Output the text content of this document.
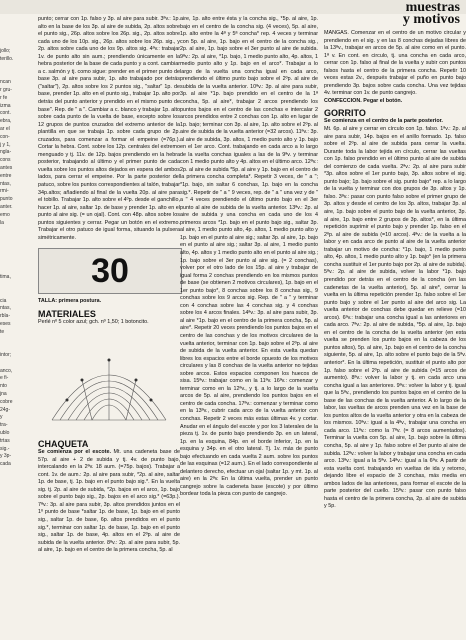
muestras
y motivos
jollo;
terillo.

ncan
r gru-
r fe
izma
cont.
ebra,
ar el
con-
j y 1,
ngla-
cons
antes
entre
ntas,
rmi-
punto
anter.
emo
la

tima,

cia
ntas,
rbla-
eses
te

intor;

anco,
e fi-
nto
jna
cobre
24g-
y
tra-
ublo
trtas
sig.-
y 3p-
cada

punto; cerrar con 1p. falso y 3p. al aire para subir. 3ªv.: 1p. alto en la base de los 3p. al aire de subida, 2p. altos sobre el punto sig., 26p. altos sobre los 26p. sig., 2p. altos sobre cada uno de los 10p. sig., 26p. altos sobre los 26p. sig., y 2p. altos sobre cada uno de los 9p. altos sig. 4ªv.: trabajar 1v. de punto alto sin aum.; prendiendo únicamente en la hebra posterior de la base de cada punto y a cont. cambiar a c. salmón y tj. como sigue: prender en el primer punto de base 3p. al aire para subir, 1p. alto trabajado por detrás ("saltar"), 2p. altos sobre los 2 puntos sig., "saltar" 1p. de base, prender 1p. alto en el punto sig., trabajar 1p. alto por detrás del punto anterior y prendido en el mismo punto de base". Rep. de " a ". Cambiar a c. blanco y trabajar 1p. alto sobre cada punto de la vuelta de base, excepto sobre los 12 grupos de puntos cruzados del extremo anterior de la plantilla en que se trabaja 1p. sobre cada grupo de 2p. cruzados, para comenzar a formar el empeine (=76p.). Cortar la hebra. Cont. sobre los 12p. centrales del extremo menguado y tj. 11v. de 12p. bajos prendiendo en la hebra posterior, trabajando al último y el primer punto de cada vuelta sobre los puntos altos dejados en espera del ambos lados, para cerrar el empeine. Por la parte posterior del patuco, sobre los puntos correspondientes al talón, trabajar 34p.altos; añadiendo al final de la vuelta 20p. al aire para el tobillo. Trabajar 1p. alto sobre el 4ºp. desde el ganchillo, hacer 1p. al aire, saltar 1p. de base y prender 1p. alto en el punto al aire sig. (= un ojal). Cont. con 48p. altos sobre los puntos siguientes y cerrar. Pegar un botón en el extremo. Trabajar el otro patuco de igual forma, situando la pulsera simétricamente.

30

TALLA: primera postura.

MATERIALES

Perlé nº 5 color azul; gch. nº 1,50; 1 botoncito.

CHAQUETA

Se comienza por el escote. Mt. una cadeneta base de 57p. al aire + 2 de subida y tj. 4v. de punto bajo, intercalando en la 2ªv. 18 aum. (=75p. bajos). Trabajar a cont. 1v. de aum.: 2p. al aire para subir, *2p. al aire, saltar 1p. de base, tj. 1p. bajo en el punto bajo sig.*. En la vuelta sig. tj. 2p. al aire de subida, *2p. bajos en el arco, 1p. bajo sobre el punto bajo sig., 2p. bajos en el arco sig.* (=63p.). 7ªv.: 3p. al aire para subir, 3p. altos prendidos juntos en el 1º punto de base *saltar 1p. de base, 1p. bajo en el punto sig., saltar 1p. de base, 6p. altos prendidos en el punto sig.*, terminar con saltar 1p. de base, 1p. bajo en el punto sig., saltar 1p. de base, 4p. altos en el 2ºp. al aire de subida de la vuelta anterior. 8ªv.: 2p. al aire para subir, 5p. al aire, 1p. bajo en el centro de la primera concha, 5p. al

aire, 1p. alto entre ésta y la concha sig., *5p. al aire, 1p. bajo en el centro de la concha sig. (4 veces), 5p. al aire, 1p. alto entre la 4ª y 5ª concha* rep. 4 veces y terminar con 5p. al aire, 1p. bajo en el centro de la concha sig., 2p. al aire, 1p. bajo sobre el 3er punto al aire de subida. 9ªv.: 2p. al aire, *1p. bajo, 1 medio punto alto, 4p. altos, 1 medio punto alto y 1p. bajo en el arco*. Trabajar a lo largo de la vuelta una concha igual en cada arco, prendiendo el último punto bajo sobre el 2ºp. al aire de subida de la vuelta anterior. 10ªv.: 3p. al aire para subir, 3p. al aire *1p. bajo prendido en el centro de la 1ª concha, 5p. al aire*, trabajar 2 arcos prendiendo los puntos bajos en el centro de las conchas e intercalar 2 arcos prendidos entre 2 conchas con 1p. alto en lugar de 1p. bajo; terminar con 3p. al aire, 1p. alto sobre el 2ºp. al aire de subida de la vuelta anterior (=32 arcos). 11ªv.: 3p. al aire de subida, 3p. altos, 1 medio punto alto y 1p. bajo en el 1er arco. Cont. trabajando en cada arco a lo largo de la vuelta conchas iguales a las de la 9ªv. y terminar con 1 medio punto alto y 4p. altos en el último arco. 12ªv.: 2p. al aire de subida *5p. al aire y 1p. bajo en el centro de la primera concha completa*. Repetir 3 veces, de " a "; *1p. bajo, sin saltar 6 conchas, 1p. bajo en la concha sig.*. Repetir de " a " 9 veces, rep. de " a " una vez y de " a " 4 veces prendiendo el último punto bajo en el 3er punto al aire de subida de la vuelta anterior. 13ªv.: 2p. al aire de subida y una concha en cada uno de los 4 primeros arcos *1p. bajo en el punto bajo sig., saltar 3p. al aire, 1 medio punto alto, 4p. altos, 1 medio punto alto y 1p. bajo en el punto al aire sig.; saltar 3p. al aire, 1p. bajo en el punto al aire sig.; saltar 3p. al aire, 1 medio punto alto, 4p. altos y 1 medio punto alto en el punto al aire sig.; 1p. bajo sobre el 3er punto al aire sig. (= 2 conchas), volver por el otro lado de los 15p. al aire y trabajar de igual forma 2 conchas prendiendo en los mismos puntos de base (se obtienen 2 motivos circulares), 1p. bajo en el 1er punto bajo*, 8 conchas sobre los 8 conchas sig., 9 conchas sobre los 9 arcos sig. Rep. de " a " y terminar con 4 conchas sobre las 4 conchas sig. y 4 conchas sobre los 4 arcos finales. 14ªv.: 3p. al aire para subir, 3p. al aire *1p. bajo en el centro de la primera concha, 5p. al aire*. Repetir 20 veces prendiendo los puntos bajos en el centro de las conchas y de los motivos circulares de la vuelta anterior, terminar con 1p. bajo sobre el 2ºp. al aire de subida de la vuelta anterior. En esta vuelta quedan libres los espacios entre el borde opuesto de los motivos circulares y las 8 conchas de la vuelta anterior no tejidas sobre arcos. Estos espacios componen los huecos de sisa. 15ªv.: trabajar como en la 11ªv. 16ªv.: comenzar y terminar como en la 12ªv., y tj. a lo largo de la vuelta arcos de 5p. al aire, prendiendo los puntos bajos en el centro de cada concha. 17ªv.: comenzar y terminar como en la 13ªv., cubrir cada arco de la vuelta anterior con conchas. Repetir 2 veces más estas últimas 4v. y cortar. Anudar en el ángulo del escote y por los 3 laterales de la pieza tj. 1v. de punto bajo prendiendo 3p. en un lateral, 1p. en la esquina, 84p. en el borde inferior, 1p. en la esquina y 34p. en el otro lateral. Tj. 1v. más de punto bajo efectuando en cada vuelta 2 aum. sobre los puntos de las esquinas (=12 aum.). En el lado correspondiente al delantero derecho, efectuar un ojal (saltar 1p. y mt. 1p. al aire) en la 2ªv. En la última vuelta, prender un punto cangrejo sobre la cadeneta base (escote) y por último bordear toda la pieza con punto de cangrejo.

MANGAS. Comenzar en el centro de un motivo circular y prendiendo en el sig. y en las 8 conchas dejadas libres de la 13ªv., trabajar en arcos de 5p. al aire como en el punto. 1ª v. En cont. en circulo, tj. una concha en cada arco, cerrar con 1p. falso al final de la vuelta y subir con puntos falsos hasta el centro de la primera concha. Repetir 10 veces estas 2v., después trabajar el puño en punto bajo prendiendo 3p. bajos sobre cada concha. Una vez tejidas 4v. terminar con 1v. de punto cangrejo.

CONFECCION. Pegar el botón.

GORRITO

Se comienza en el centro de la parte posterior.

Mt. 6p. al aire y cerrar en círculo con 1p. falso. 1ªv.: 2p. al aire para subir, 14p. bajos en el anillo formado. 1p. falso sobre el 2ºp. al aire de subida para cerrar la vuelta. Durante toda la labor tejida en círculo, cerrar las vueltas con 1p. falso prendido en el último punto al aire de subida del comienzo de cada vuelta. 2ªv.: 2p. al aire para subir *3p. altos sobre el 1er punto bajo, 3p. altos sobre el sig. punto bajo; 1p. bajo sobre el sig. punto bajo* rep. a lo largo de la vuelta y terminar con dos grupos de 3p. altos y 1p. falso. 3ªv.: pasar con punto falso sobre el primer grupo de 3p. altos y desde el centro de los 3p. altos, trabajar 3p. al aire, 1p. bajo sobre el punto bajo de la vuelta anterior, 3p. al aire, 1p. bajo entre 2 grupos de 3p. altos*, en la última repetición suprimir el punto bajo y prender 1p. falso en el 2ºp. al aire de subida (=10 arcos). 4ªv.: de la vuelta a la labor y en cada arco de punto al aire de la vuelta anterior trabajar un motivo de concha: *1p. bajo, 1 medio punto alto, 4p. altos, 1 medio punto alto y 1p. bajo* (en la primera concha sustituir el 1er punto bajo por 2p. al aire de subida). 5ªv.: 2p. al aire de subida, volver la labor *1p. bajo prendido por detrás en el centro de la concha (en las cadenetas de la vuelta anterior), 5p. al aire*, cerrar la vuelta en la última repetición prender 1p. falso sobre el 1er punto bajo y sobre el 1er punto al aire del arco sig. La vuelta anterior de conchas debe quedar en relieve (=10 arcos). 6ªv.: trabajar una concha igual a las anteriores en cada arco. 7ªv.: 2p. al aire de subida, *5p. al aire, 1p. bajo en el centro de la concha de la vuelta anterior (en esta vuelta se prenden los punto bajos en la cabeza de los puntos altos), 5p. al aire, 1p. bajo en el centro de la concha siguiente, 5p. al aire, 1p. alto sobre el punto bajo de la 5ªv. anterior*. En la última repetición, sustituir el punto alto por 1p. falso sobre el 2ºp. al aire de subida (=15 arcos de aumento). 8ªv.: volver la labor y tj. en cada arco una concha igual a las anteriores. 9ªv.: volver la labor y tj. igual que la 5ªv., prendiendo los puntos bajos en el centro de la base de las conchas de la vuelta anterior. A lo largo de la labor, las vueltas de arcos prenden una vez en la base de los puntos altos de la vuelta anterior y otra en la cabeza de los mismos. 10ªv.: igual a la 4ªv., trabajar una concha en cada arco. 11ªv.: como la 7ªv. (= 8 arcos aumentados). Terminar la vuelta con 5p. al aire, 1p. bajo sobre la última concha, 5p. al aire y 1p. falso sobre el 3er punto al aire de subida. 12ªv.: volver la labor y trabajar una concha en cada arco. 13ªv.: igual a la 5ªv. 14ªv.: igual a la 6ªv. A partir de esta vuelta cont. trabajando en vueltas de ida y retorno, dejando libre el espacio de 3 conchas, más media en ambos lados de las anteriores, para formar el escote de la parte posterior del cuello. 15ªv.: pasar con punto falso hasta el centro de la primera concha, 2p. al aire de subida y 5p.
